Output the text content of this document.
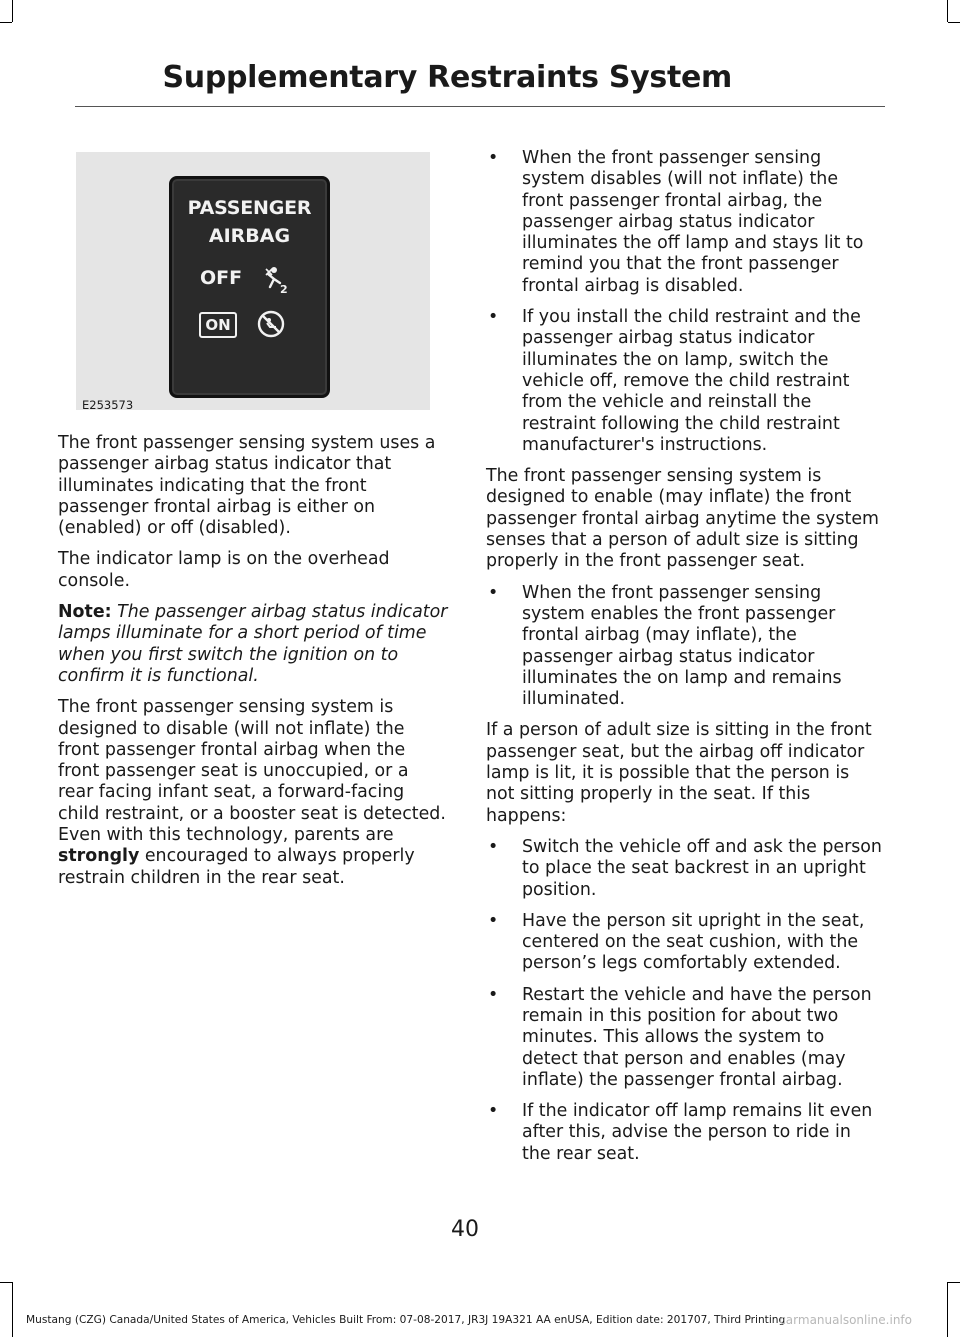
Supplementary Restraints System
PASSENGER
AIRBAG
OFF
2
ON
E253573

The front passenger sensing system uses a passenger airbag status indicator that illuminates indicating that the front passenger frontal airbag is either on (enabled) or off (disabled).

The indicator lamp is on the overhead console.

Note: The passenger airbag status indicator lamps illuminate for a short period of time when you first switch the ignition on to confirm it is functional.

The front passenger sensing system is designed to disable (will not inflate) the front passenger frontal airbag when the front passenger seat is unoccupied, or a rear facing infant seat, a forward-facing child restraint, or a booster seat is detected. Even with this technology, parents are strongly encouraged to always properly restrain children in the rear seat.

• When the front passenger sensing system disables (will not inflate) the front passenger frontal airbag, the passenger airbag status indicator illuminates the off lamp and stays lit to remind you that the front passenger frontal airbag is disabled.

• If you install the child restraint and the passenger airbag status indicator illuminates the on lamp, switch the vehicle off, remove the child restraint from the vehicle and reinstall the restraint following the child restraint manufacturer's instructions.

The front passenger sensing system is designed to enable (may inflate) the front passenger frontal airbag anytime the system senses that a person of adult size is sitting properly in the front passenger seat.

• When the front passenger sensing system enables the front passenger frontal airbag (may inflate), the passenger airbag status indicator illuminates the on lamp and remains illuminated.

If a person of adult size is sitting in the front passenger seat, but the airbag off indicator lamp is lit, it is possible that the person is not sitting properly in the seat. If this happens:

• Switch the vehicle off and ask the person to place the seat backrest in an upright position.

• Have the person sit upright in the seat, centered on the seat cushion, with the person’s legs comfortably extended.

• Restart the vehicle and have the person remain in this position for about two minutes. This allows the system to detect that person and enables (may inflate) the passenger frontal airbag.

• If the indicator off lamp remains lit even after this, advise the person to ride in the rear seat.

40
Mustang (CZG) Canada/United States of America, Vehicles Built From: 07-08-2017, JR3J 19A321 AA enUSA, Edition date: 201707, Third Printing
carmanualsonline.info
